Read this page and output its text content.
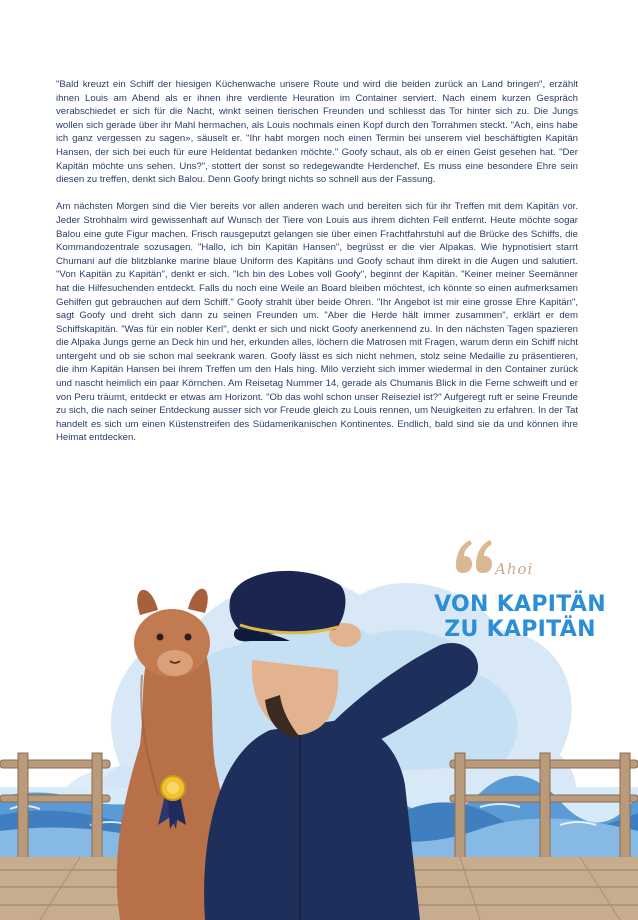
"Bald kreuzt ein Schiff der hiesigen Küchenwache unsere Route und wird die beiden zurück an Land bringen", erzählt ihnen Louis am Abend als er ihnen ihre verdiente Heuration im Container serviert. Nach einem kurzen Gespräch verabschiedet er sich für die Nacht, winkt seinen tierischen Freunden und schliesst das Tor hinter sich zu. Die Jungs wollen sich gerade über ihr Mahl hermachen, als Louis nochmals einen Kopf durch den Torrahmen steckt. "Ach, eins habe ich ganz vergessen zu sagen», säuselt er. "Ihr habt morgen noch einen Termin bei unserem viel beschäftigten Kapitän Hansen, der sich bei euch für eure Heldentat bedanken möchte." Goofy schaut, als ob er einen Geist gesehen hat. "Der Kapitän möchte uns sehen. Uns?", stottert der sonst so redegewandte Herdenchef. Es muss eine besondere Ehre sein diesen zu treffen, denkt sich Balou. Denn Goofy bringt nichts so schnell aus der Fassung.

Am nächsten Morgen sind die Vier bereits vor allen anderen wach und bereiten sich für ihr Treffen mit dem Kapitän vor. Jeder Strohhalm wird gewissenhaft auf Wunsch der Tiere von Louis aus ihrem dichten Fell entfernt. Heute möchte sogar Balou eine gute Figur machen. Frisch rausgeputzt gelangen sie über einen Frachtfahrstuhl auf die Brücke des Schiffs, die Kommandozentrale sozusagen. "Hallo, ich bin Kapitän Hansen", begrüsst er die vier Alpakas. Wie hypnotisiert starrt Chumani auf die blitzblanke marine blaue Uniform des Kapitäns und Goofy schaut ihm direkt in die Augen und salutiert. "Von Kapitän zu Kapitän", denkt er sich. "Ich bin des Lobes voll Goofy", beginnt der Kapitän. "Keiner meiner Seemänner hat die Hilfesuchenden entdeckt. Falls du noch eine Weile an Board bleiben möchtest, ich könnte so einen aufmerksamen Gehilfen gut gebrauchen auf dem Schiff." Goofy strahlt über beide Ohren. "Ihr Angebot ist mir eine grosse Ehre Kapitän", sagt Goofy und dreht sich dann zu seinen Freunden um. "Aber die Herde hält immer zusammen", erklärt er dem Schiffskapitän. "Was für ein nobler Kerl", denkt er sich und nickt Goofy anerkennend zu. In den nächsten Tagen spazieren die Alpaka Jungs gerne an Deck hin und her, erkunden alles, löchern die Matrosen mit Fragen, warum denn ein Schiff nicht untergeht und ob sie schon mal seekrank waren. Goofy lässt es sich nicht nehmen, stolz seine Medaille zu präsentieren, die ihm Kapitän Hansen bei ihrem Treffen um den Hals hing. Milo verzieht sich immer wiedermal in den Container zurück und nascht heimlich ein paar Körnchen. Am Reisetag Nummer 14, gerade als Chumanis Blick in die Ferne schweift und er von Peru träumt, entdeckt er etwas am Horizont. "Ob das wohl schon unser Reiseziel ist?" Aufgeregt ruft er seine Freunde zu sich, die nach seiner Entdeckung ausser sich vor Freude gleich zu Louis rennen, um Neuigkeiten zu erfahren. In der Tat handelt es sich um einen Küstenstreifen des Südamerikanischen Kontinentes. Endlich, bald sind sie da und können ihre Heimat entdecken.

Ahoi
VON KAPITÄN
ZU KAPITÄN
